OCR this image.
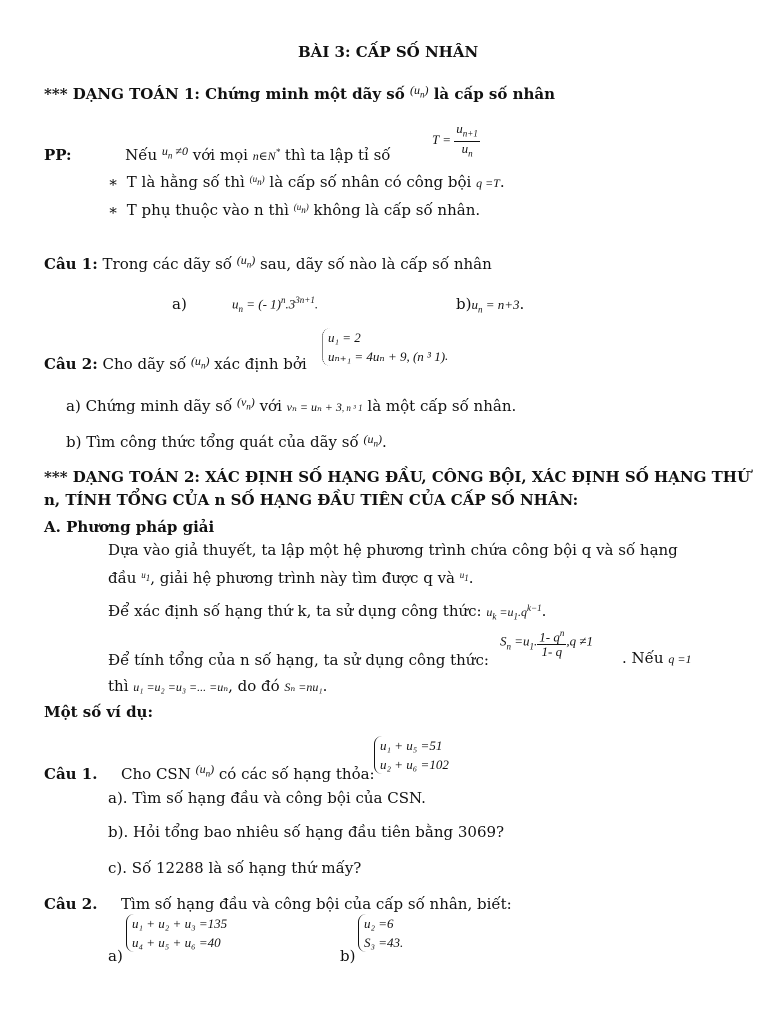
BÀI 3: CẤP SỐ NHÂN
*** DẠNG TOÁN 1: Chứng minh một dãy số $^{(u_n)}$ là cấp số nhân
PP:	Nếu $^{u_n \ne 0}$ với mọi n∈N* thì ta lập tỉ số
$T = \frac{u_{n+1}}{u_n}$
∗ T là hằng số thì $^{(u_n)}$ là cấp số nhân có công bội q =T.
∗ T phụ thuộc vào n thì $^{(u_n)}$ không là cấp số nhân.
Câu 1: Trong các dãy số $^{(u_n)}$ sau, dãy số nào là cấp số nhân
a)	$u_n$ = (- $1)^n.3^{3n+1}$.	$b)u_n = n+3$.
Câu 2: Cho dãy số $^{(u_n)}$ xác định bởi
u₁ = 2
uₙ₊₁ = 4uₙ + 9, (n ³ 1) .
a) Chứng minh dãy số $^{(v_n)}$ với vₙ = uₙ + 3, n ³ 1 là một cấp số nhân.
b) Tìm công thức tổng quát của dãy số $^{(u_n)}$.
*** DẠNG TOÁN 2: XÁC ĐỊNH SỐ HẠNG ĐẦU, CÔNG BỘI, XÁC ĐỊNH SỐ HẠNG THỨ
n, TÍNH TỔNG CỦA n SỐ HẠNG ĐẦU TIÊN CỦA CẤP SỐ NHÂN:
A. Phương pháp giải
Dựa vào giả thuyết, ta lập một hệ phương trình chứa công bội q và số hạng
đầu $^{u_1}$, giải hệ phương trình này tìm được q và $^{u_1}$.
Để xác định số hạng thứ k, ta sử dụng công thức: $u_k =u_1.q^{k-1}$.
Để tính tổng của n số hạng, ta sử dụng công thức:
$S_n =u_1$. $\frac{1- q^n}{1- q} ,q \ne 1$
. Nếu q =1
thì u₁ =u₂ =u₃ =... =uₙ, do đó Sₙ =nu₁.
Một số ví dụ:
Câu 1. Cho CSN $^{(u_n)}$ có các số hạng thỏa:
u₁ + u₅ =51
u₂ + u₆ =102
a). Tìm số hạng đầu và công bội của CSN.
b). Hỏi tổng bao nhiêu số hạng đầu tiên bằng 3069?
c). Số 12288 là số hạng thứ mấy?
Câu 2. Tìm số hạng đầu và công bội của cấp số nhân, biết:
a)
u₁ + u₂ + u₃ =135
u₄ + u₅ + u₆ =40
b)
u₂ =6
S₃ =43.
